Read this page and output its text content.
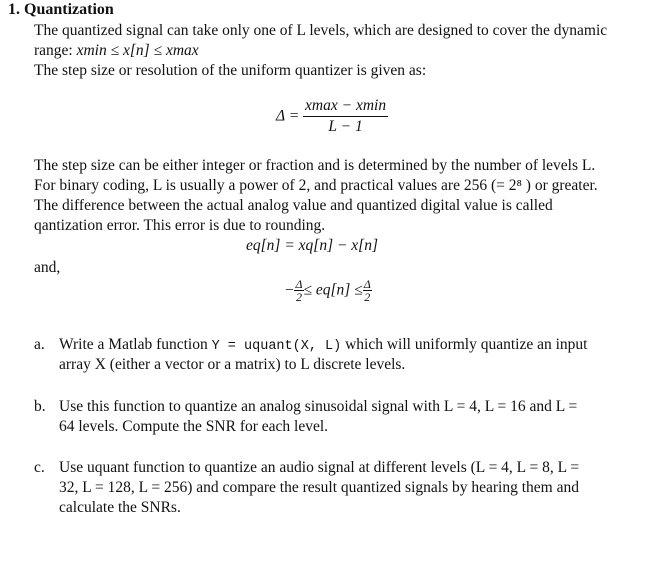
1. Quantization
The quantized signal can take only one of L levels, which are designed to cover the dynamic
range: xmin ≤ x[n] ≤ xmax
The step size or resolution of the uniform quantizer is given as:
$\Delta = \frac{xmax - xmin}{L - 1}$
The step size can be either integer or fraction and is determined by the number of levels L.
For binary coding, L is usually a power of 2, and practical values are 256 (= 2⁸ ) or greater.
The difference between the actual analog value and quantized digital value is called
qantization error. This error is due to rounding.
eq[n] = xq[n] − x[n]
and,
− $\frac{\Delta}{2} \le eq[n] \le \frac{\Delta}{2}$
a. Write a Matlab function Y = uquant(X, L) which will uniformly quantize an input
array X (either a vector or a matrix) to L discrete levels.
b. Use this function to quantize an analog sinusoidal signal with L = 4, L = 16 and L =
64 levels. Compute the SNR for each level.
c. Use uquant function to quantize an audio signal at different levels (L = 4, L = 8, L =
32, L = 128, L = 256) and compare the result quantized signals by hearing them and
calculate the SNRs.
